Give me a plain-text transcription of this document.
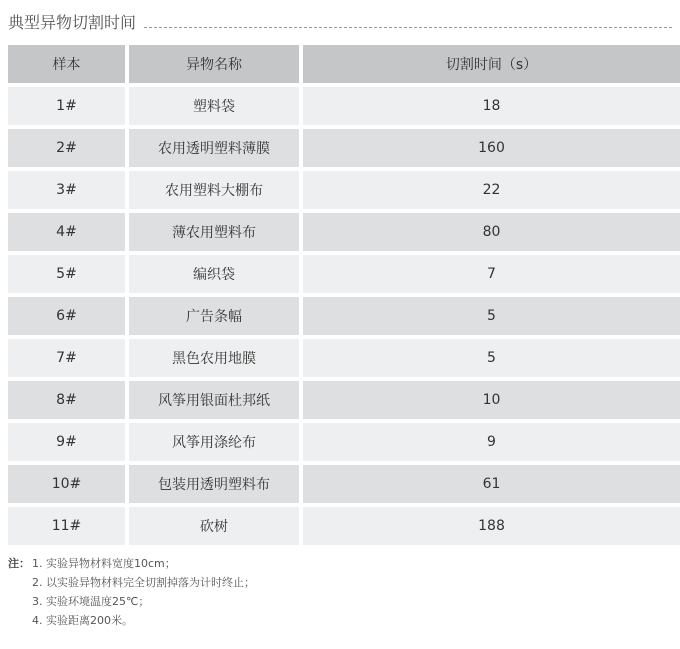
典型异物切割时间
样本	异物名称	切割时间（s）
1#	塑料袋	18
2#	农用透明塑料薄膜	160
3#	农用塑料大棚布	22
4#	薄农用塑料布	80
5#	编织袋	7
6#	广告条幅	5
7#	黑色农用地膜	5
8#	风筝用银面杜邦纸	10
9#	风筝用涤纶布	9
10#	包装用透明塑料布	61
11#	砍树	188
注： 1. 实验异物材料宽度10cm；
2. 以实验异物材料完全切割掉落为计时终止；
3. 实验环境温度25℃；
4. 实验距离200米。
